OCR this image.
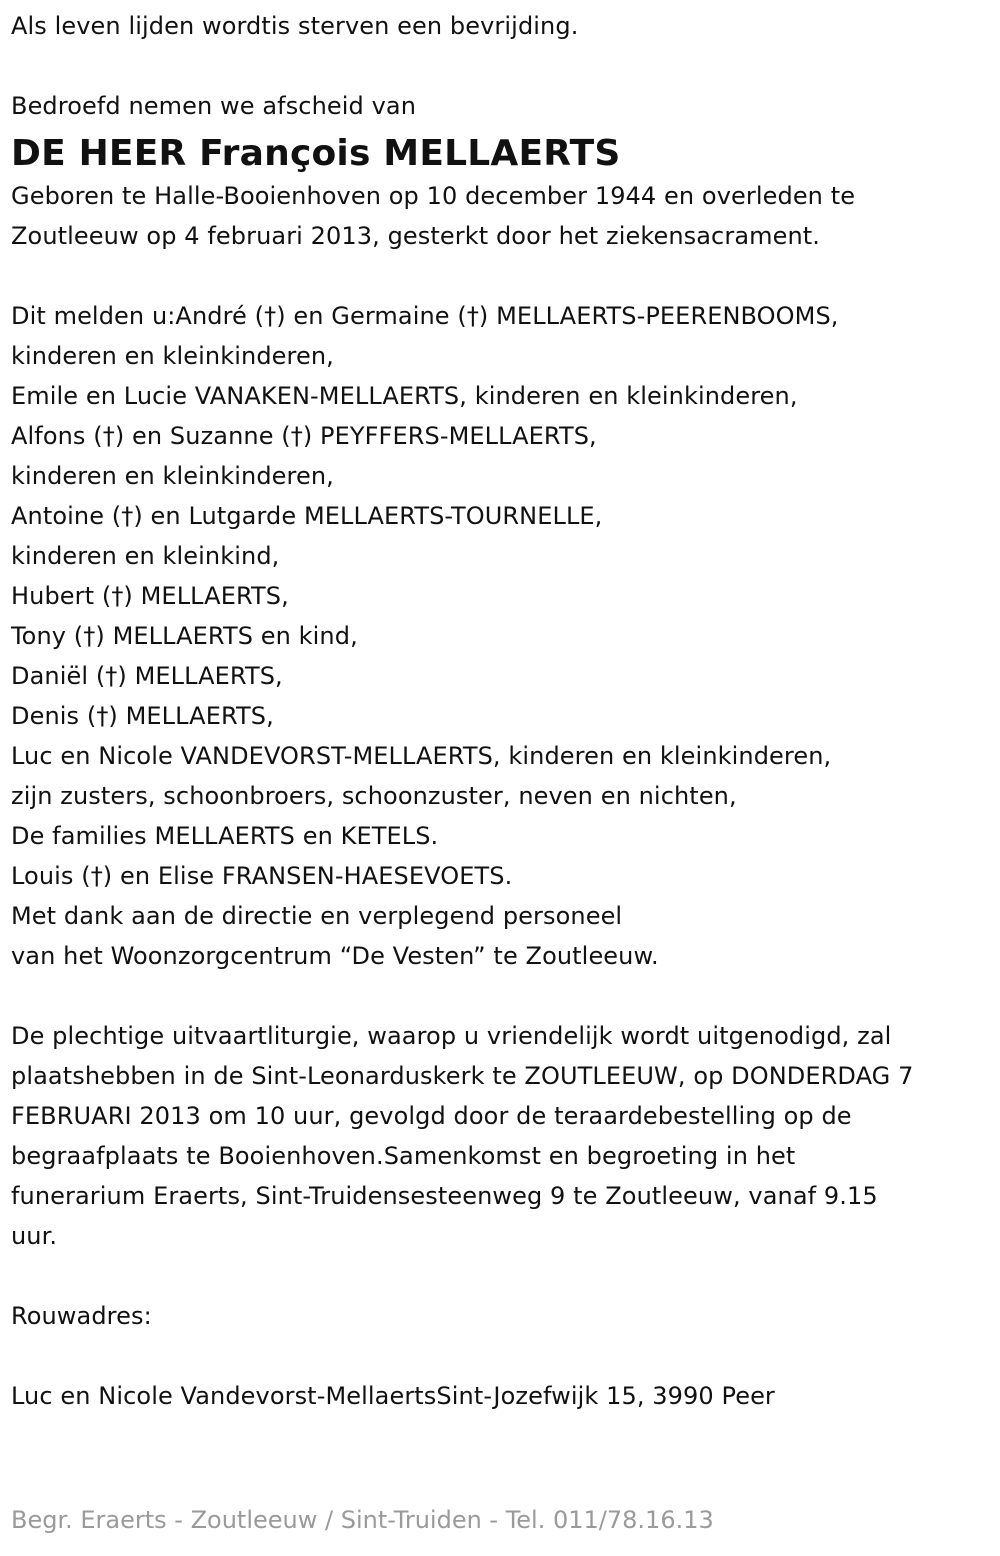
Als leven lijden wordtis sterven een bevrijding.
Bedroefd nemen we afscheid van
DE HEER François MELLAERTS
Geboren te Halle-Booienhoven op 10 december 1944 en overleden te
Zoutleeuw op 4 februari 2013, gesterkt door het ziekensacrament.
Dit melden u:André (†) en Germaine (†) MELLAERTS-PEERENBOOMS,
kinderen en kleinkinderen,
Emile en Lucie VANAKEN-MELLAERTS, kinderen en kleinkinderen,
Alfons (†) en Suzanne (†) PEYFFERS-MELLAERTS,
kinderen en kleinkinderen,
Antoine (†) en Lutgarde MELLAERTS-TOURNELLE,
kinderen en kleinkind,
Hubert (†) MELLAERTS,
Tony (†) MELLAERTS en kind,
Daniël (†) MELLAERTS,
Denis (†) MELLAERTS,
Luc en Nicole VANDEVORST-MELLAERTS, kinderen en kleinkinderen,
zijn zusters, schoonbroers, schoonzuster, neven en nichten,
De families MELLAERTS en KETELS.
Louis (†) en Elise FRANSEN-HAESEVOETS.
Met dank aan de directie en verplegend personeel
van het Woonzorgcentrum “De Vesten” te Zoutleeuw.
De plechtige uitvaartliturgie, waarop u vriendelijk wordt uitgenodigd, zal
plaatshebben in de Sint-Leonarduskerk te ZOUTLEEUW, op DONDERDAG 7
FEBRUARI 2013 om 10 uur, gevolgd door de teraardebestelling op de
begraafplaats te Booienhoven.Samenkomst en begroeting in het
funerarium Eraerts, Sint-Truidensesteenweg 9 te Zoutleeuw, vanaf 9.15
uur.
Rouwadres:
Luc en Nicole Vandevorst-MellaertsSint-Jozefwijk 15, 3990 Peer
Begr. Eraerts - Zoutleeuw / Sint-Truiden - Tel. 011/78.16.13
